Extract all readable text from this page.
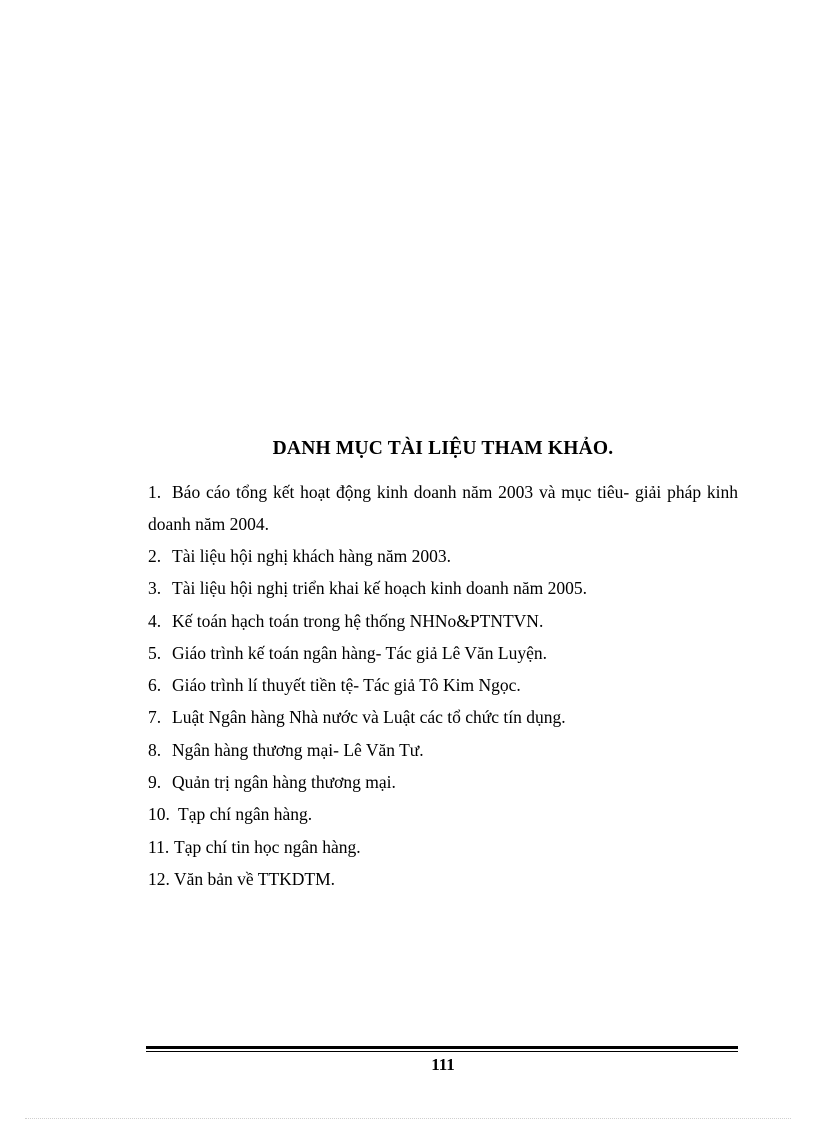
DANH MỤC TÀI LIỆU THAM KHẢO.
1. Báo cáo tổng kết hoạt động kinh doanh năm 2003 và mục tiêu- giải pháp kinh doanh năm 2004.
2. Tài liệu hội nghị khách hàng năm 2003.
3. Tài liệu hội nghị triển khai kế hoạch kinh doanh năm 2005.
4. Kế toán hạch toán trong hệ thống NHNo&PTNTVN.
5. Giáo trình kế toán ngân hàng- Tác giả Lê Văn Luyện.
6. Giáo trình lí thuyết tiền tệ- Tác giả Tô Kim Ngọc.
7. Luật Ngân hàng Nhà nước và Luật các tổ chức tín dụng.
8. Ngân hàng thương mại- Lê Văn Tư.
9. Quản trị ngân hàng thương mại.
10. Tạp chí ngân hàng.
11. Tạp chí tin học ngân hàng.
12. Văn bản về TTKDTM.
111
